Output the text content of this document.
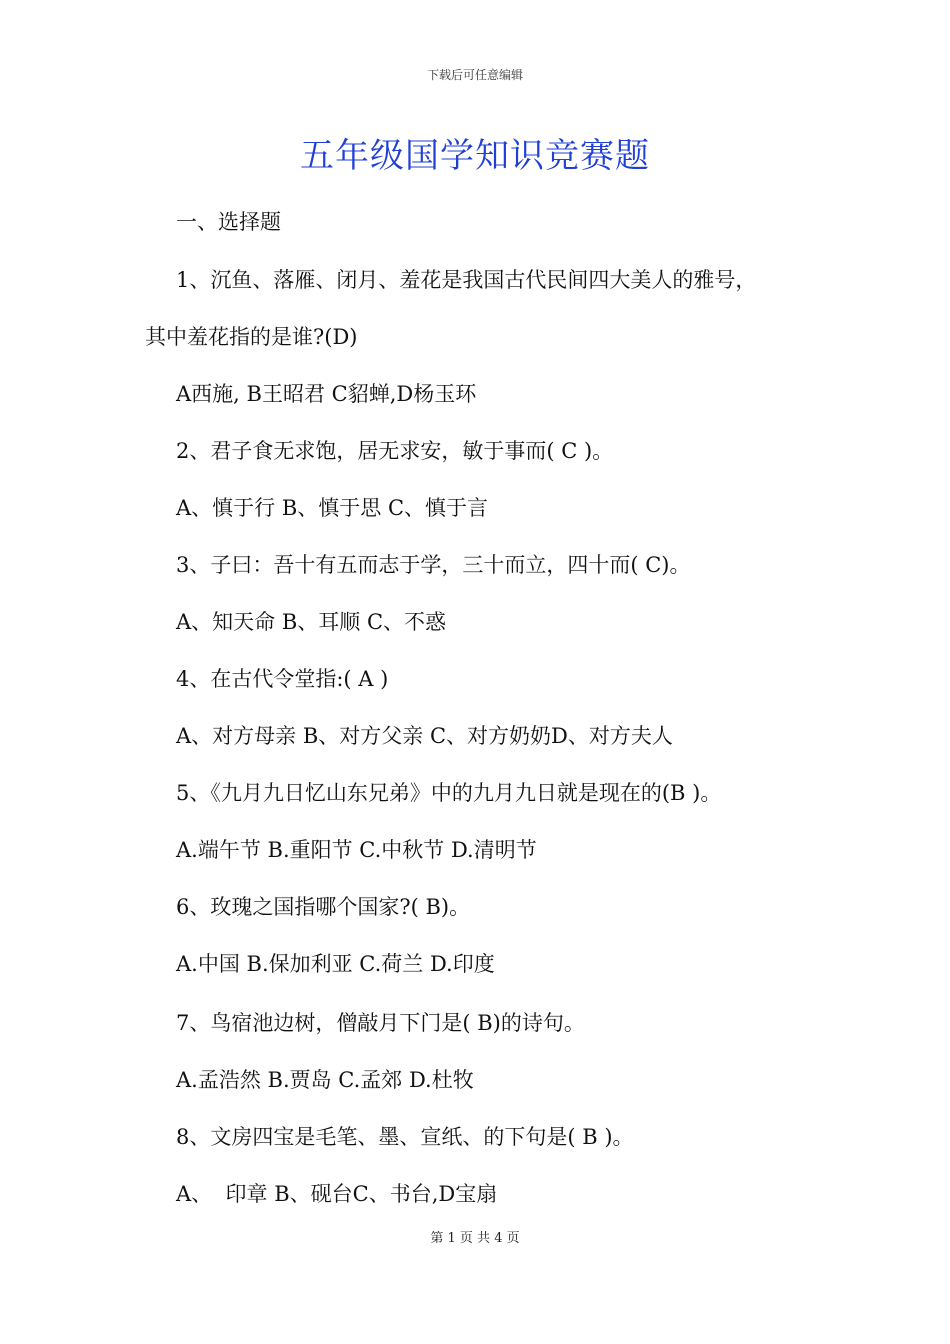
下载后可任意编辑
五年级国学知识竞赛题
一、选择题
1、沉鱼、落雁、闭月、羞花是我国古代民间四大美人的雅号，
其中羞花指的是谁?(D)
A西施, B王昭君 C貂蝉,D杨玉环
2、君子食无求饱，居无求安，敏于事而( C )。
A、慎于行 B、慎于思 C、慎于言
3、子曰：吾十有五而志于学，三十而立，四十而( C)。
A、知天命 B、耳顺 C、不惑
4、在古代令堂指:( A )
A、对方母亲 B、对方父亲 C、对方奶奶D、对方夫人
5、《九月九日忆山东兄弟》中的九月九日就是现在的(B )。
A.端午节 B.重阳节 C.中秋节 D.清明节
6、玫瑰之国指哪个国家?( B)。
A.中国 B.保加利亚 C.荷兰 D.印度
7、鸟宿池边树，僧敲月下门是( B)的诗句。
A.孟浩然 B.贾岛 C.孟郊 D.杜牧
8、文房四宝是毛笔、墨、宣纸、的下句是( B )。
A、  印章 B、砚台C、书台,D宝扇
第 1 页 共 4 页
